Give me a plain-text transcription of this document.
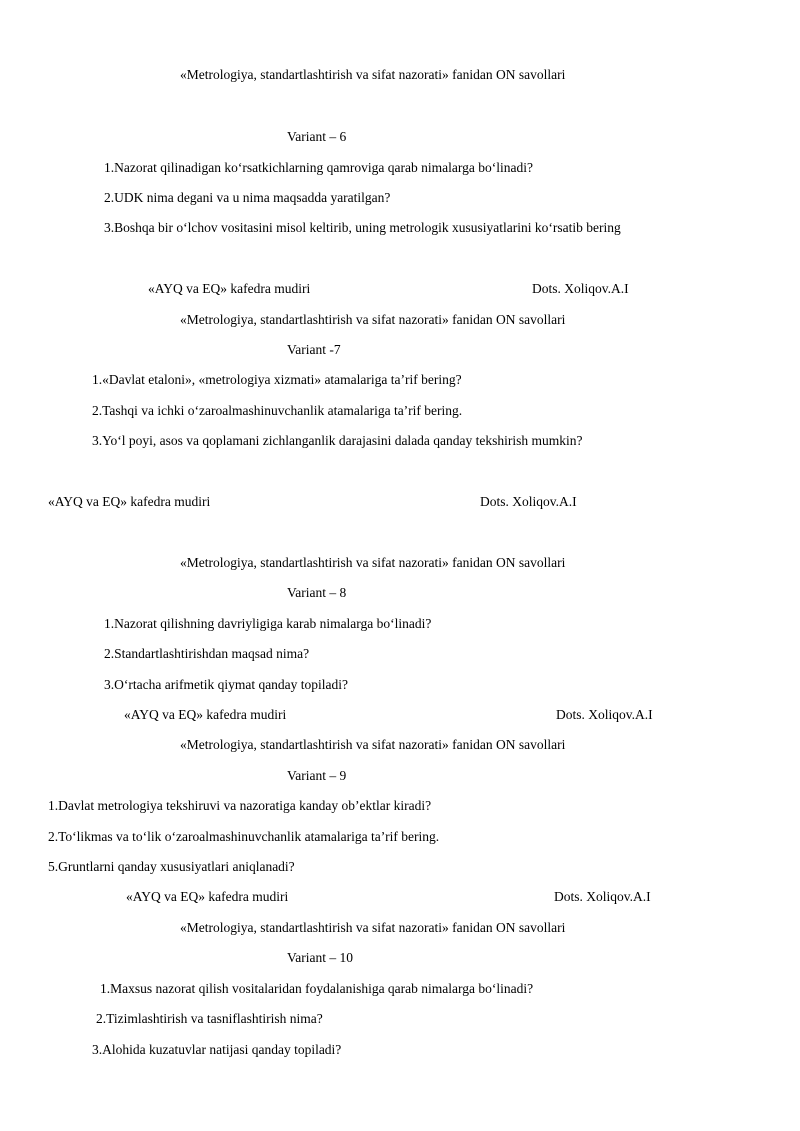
«Metrologiya, standartlashtirish va sifat nazorati» fanidan ON savollari
Variant – 6
1.Nazorat qilinadigan koʻrsatkichlarning qamroviga qarab nimalarga boʻlinadi?
2.UDK nima degani va u nima maqsadda yaratilgan?
3.Boshqa bir oʻlchov vositasini misol keltirib, uning metrologik xususiyatlarini koʻrsatib bering
«AYQ va EQ» kafedra mudiri	Dots. Xoliqov.A.I
«Metrologiya, standartlashtirish va sifat nazorati» fanidan ON savollari
Variant -7
1.«Davlat etaloni», «metrologiya xizmati» atamalariga ta’rif bering?
2.Tashqi va ichki oʻzaroalmashinuvchanlik atamalariga ta’rif bering.
3.Yoʻl poyi, asos va qoplamani zichlanganlik darajasini dalada qanday tekshirish mumkin?
«AYQ va EQ» kafedra mudiri	Dots. Xoliqov.A.I
«Metrologiya, standartlashtirish va sifat nazorati» fanidan ON savollari
Variant – 8
1.Nazorat qilishning davriyligiga karab nimalarga boʻlinadi?
2.Standartlashtirishdan maqsad nima?
3.Oʻrtacha arifmetik qiymat qanday topiladi?
«AYQ va EQ» kafedra mudiri	Dots. Xoliqov.A.I
«Metrologiya, standartlashtirish va sifat nazorati» fanidan ON savollari
Variant – 9
1.Davlat metrologiya tekshiruvi va nazoratiga kanday ob’ektlar kiradi?
2.Toʻlikmas va toʻlik oʻzaroalmashinuvchanlik atamalariga ta’rif bering.
5.Gruntlarni qanday xususiyatlari aniqlanadi?
«AYQ va EQ» kafedra mudiri	Dots. Xoliqov.A.I
«Metrologiya, standartlashtirish va sifat nazorati» fanidan ON savollari
Variant – 10
1.Maxsus nazorat qilish vositalaridan foydalanishiga qarab nimalarga boʻlinadi?
2.Tizimlashtirish va tasniflashtirish nima?
3.Alohida kuzatuvlar natijasi qanday topiladi?
